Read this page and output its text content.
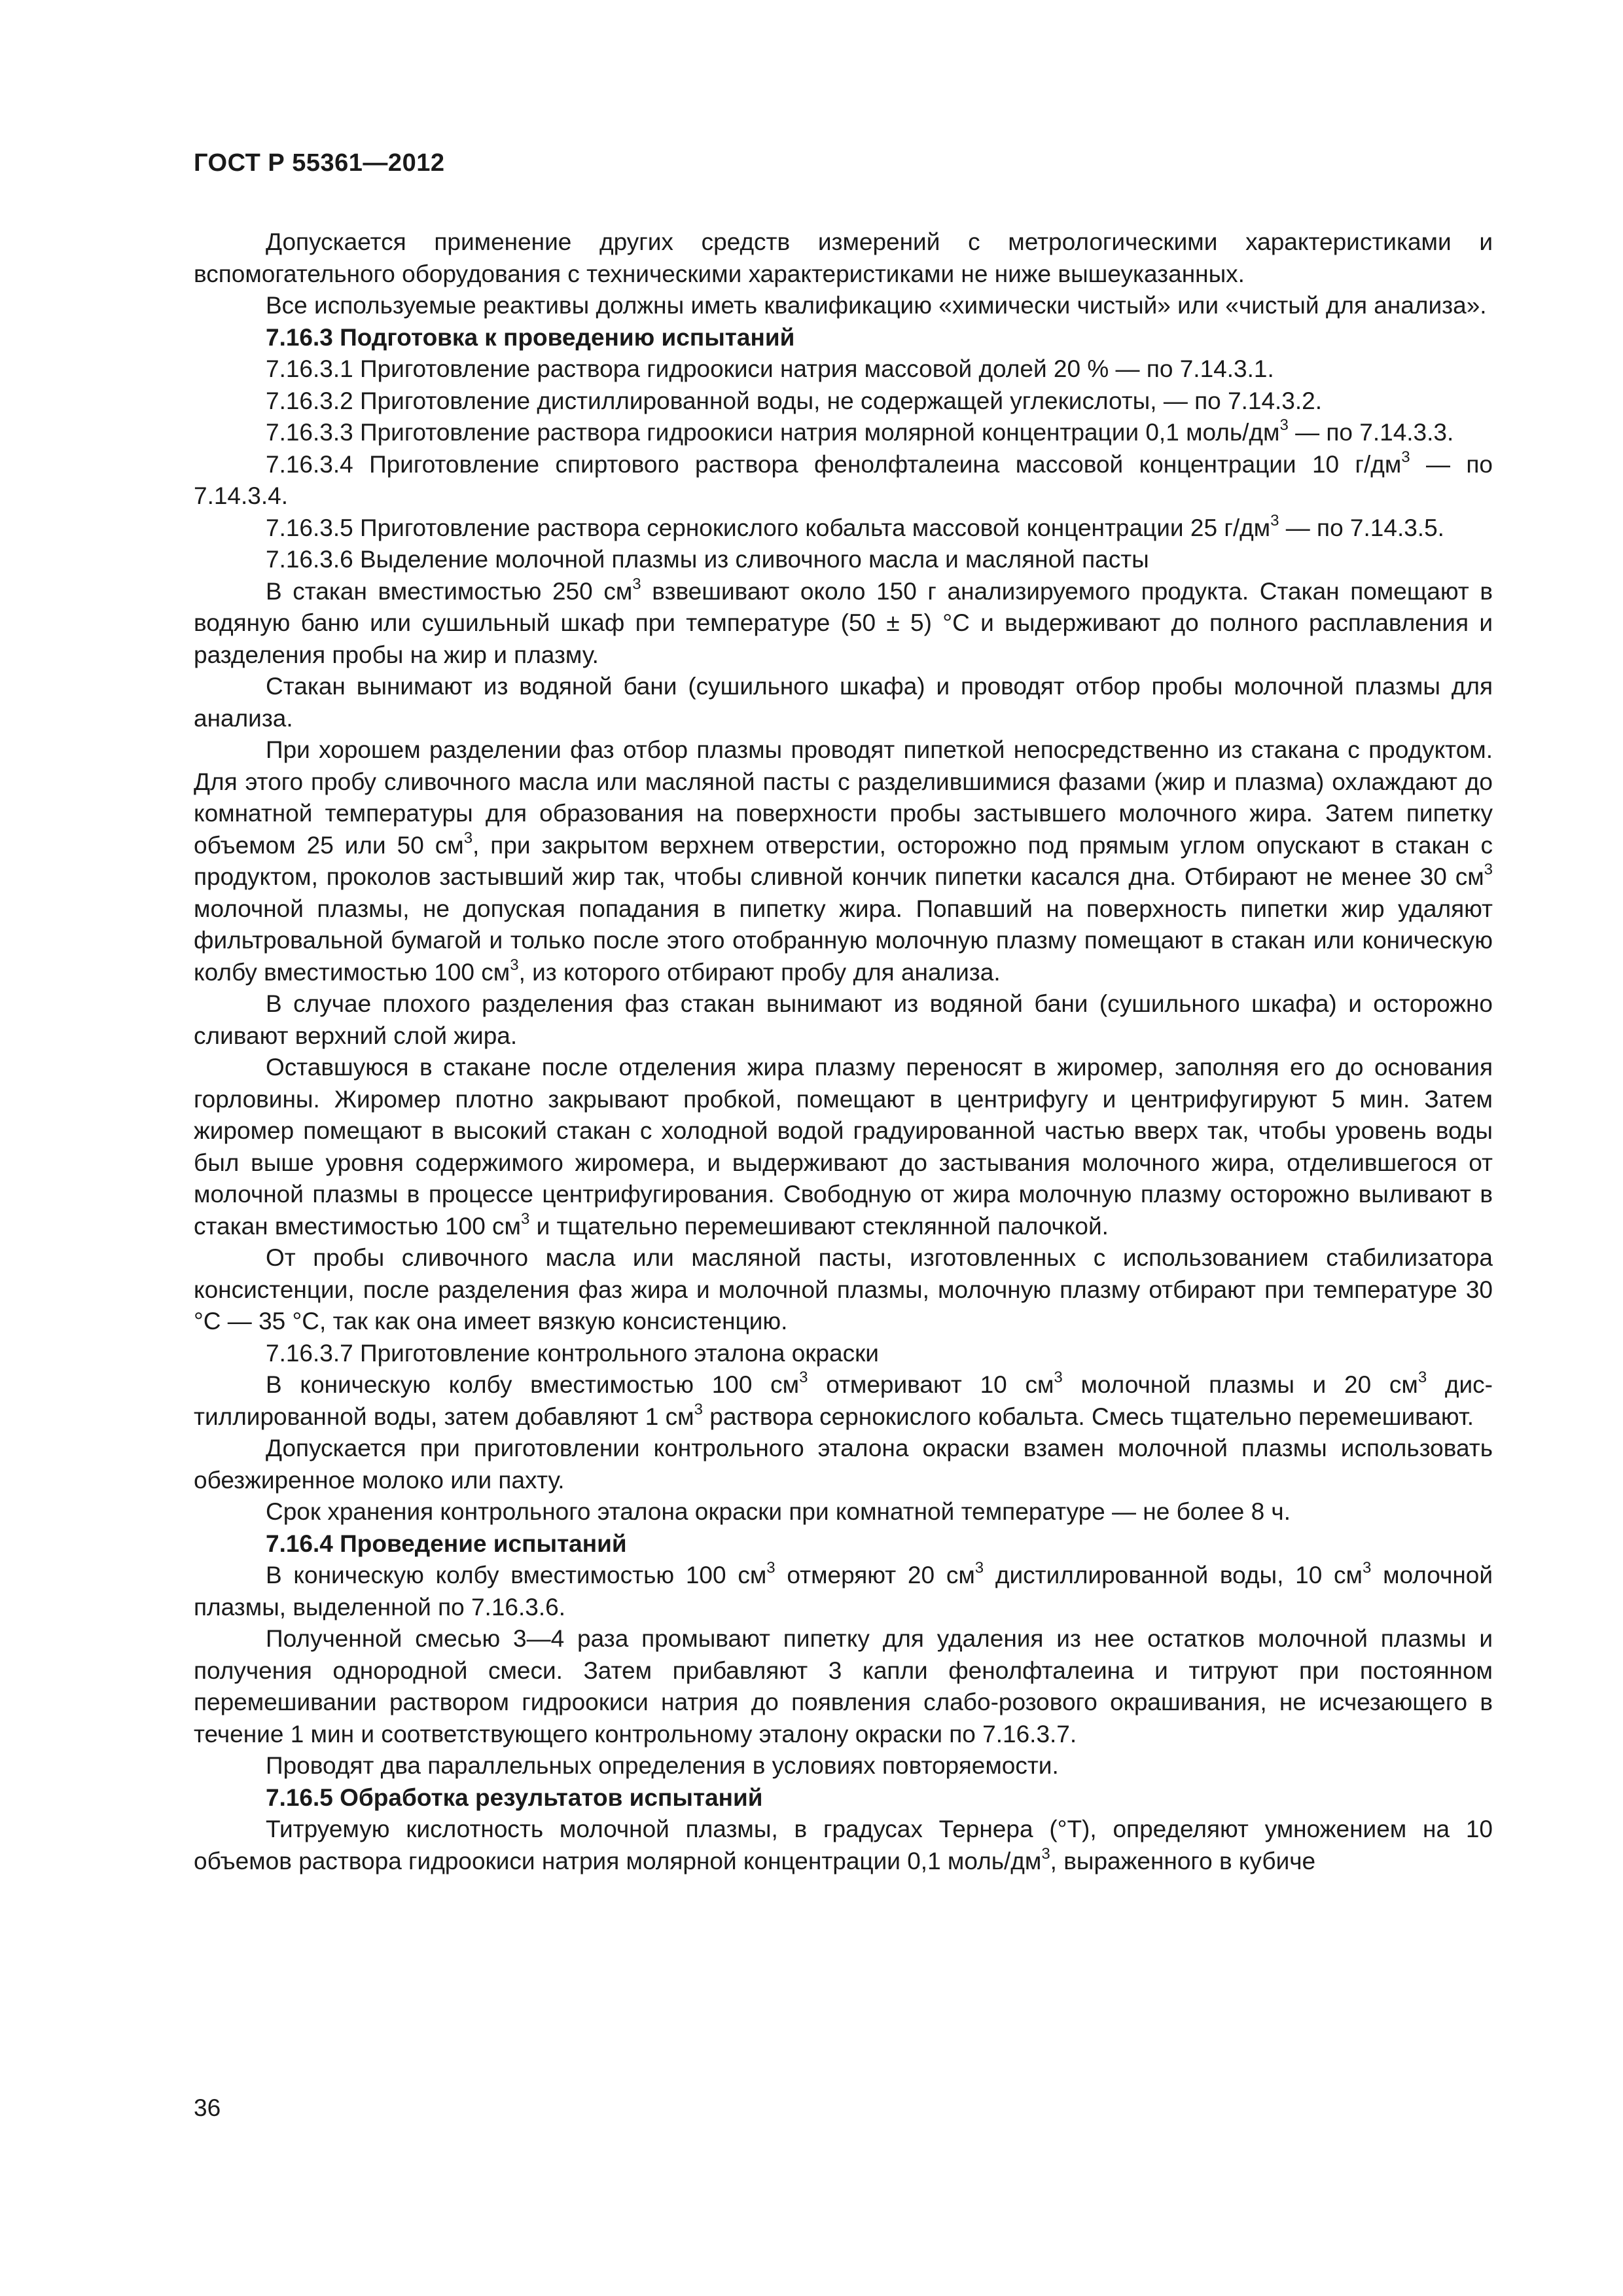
ГОСТ Р 55361—2012

Допускается применение других средств измерений с метрологическими характеристиками и вспомогательного оборудования с техническими характеристиками не ниже вышеуказанных.

Все используемые реактивы должны иметь квалификацию «химически чистый» или «чистый для анализа».

7.16.3 Подготовка к проведению испытаний

7.16.3.1 Приготовление раствора гидроокиси натрия массовой долей 20 % — по 7.14.3.1.

7.16.3.2 Приготовление дистиллированной воды, не содержащей углекислоты, — по 7.14.3.2.

7.16.3.3 Приготовление раствора гидроокиси натрия молярной концентрации 0,1 моль/$дм^3$ — по 7.14.3.3.

7.16.3.4 Приготовление спиртового раствора фенолфталеина массовой концентрации 10 $г/дм^3$ — по 7.14.3.4.

7.16.3.5 Приготовление раствора сернокислого кобальта массовой концентрации 25 $г/дм^3$ — по 7.14.3.5.

7.16.3.6 Выделение молочной плазмы из сливочного масла и масляной пасты

В стакан вместимостью 250 $см^3$ взвешивают около 150 г анализируемого продукта. Стакан помещают в водяную баню или сушильный шкаф при температуре (50 ± 5) °С и выдерживают до полного расплавления и разделения пробы на жир и плазму.

Стакан вынимают из водяной бани (сушильного шкафа) и проводят отбор пробы молочной плазмы для анализа.

При хорошем разделении фаз отбор плазмы проводят пипеткой непосредственно из стакана с продуктом. Для этого пробу сливочного масла или масляной пасты с разделившимися фазами (жир и плазма) охлаждают до комнатной температуры для образования на поверхности пробы застывшего молочного жира. Затем пипетку объемом 25 или 50 $см^3$, при закрытом верхнем отверстии, осторожно под прямым углом опускают в стакан с продуктом, проколов застывший жир так, чтобы сливной кончик пипетки касался дна. Отбирают не менее 30 $см^3$ молочной плазмы, не допуская попадания в пипетку жира. Попавший на поверхность пипетки жир удаляют фильтровальной бумагой и только после этого отобранную молочную плазму помещают в стакан или коническую колбу вместимостью 100 $см^3$, из которого отбирают пробу для анализа.

В случае плохого разделения фаз стакан вынимают из водяной бани (сушильного шкафа) и осторожно сливают верхний слой жира.

Оставшуюся в стакане после отделения жира плазму переносят в жиромер, заполняя его до основания горловины. Жиромер плотно закрывают пробкой, помещают в центрифугу и центрифугируют 5 мин. Затем жиромер помещают в высокий стакан с холодной водой градуированной частью вверх так, чтобы уровень воды был выше уровня содержимого жиромера, и выдерживают до застывания молочного жира, отделившегося от молочной плазмы в процессе центрифугирования. Свободную от жира молочную плазму осторожно выливают в стакан вместимостью 100 $см^3$ и тщательно перемешивают стеклянной палочкой.

От пробы сливочного масла или масляной пасты, изготовленных с использованием стабилизатора консистенции, после разделения фаз жира и молочной плазмы, молочную плазму отбирают при температуре 30 °С — 35 °С, так как она имеет вязкую консистенцию.

7.16.3.7 Приготовление контрольного эталона окраски

В коническую колбу вместимостью 100 $см^3$ отмеривают 10 $см^3$ молочной плазмы и 20 $см^3$ дистиллированной воды, затем добавляют 1 $см^3$ раствора сернокислого кобальта. Смесь тщательно перемешивают.

Допускается при приготовлении контрольного эталона окраски взамен молочной плазмы использовать обезжиренное молоко или пахту.

Срок хранения контрольного эталона окраски при комнатной температуре — не более 8 ч.

7.16.4 Проведение испытаний

В коническую колбу вместимостью 100 $см^3$ отмеряют 20 $см^3$ дистиллированной воды, 10 $см^3$ молочной плазмы, выделенной по 7.16.3.6.

Полученной смесью 3—4 раза промывают пипетку для удаления из нее остатков молочной плазмы и получения однородной смеси. Затем прибавляют 3 капли фенолфталеина и титруют при постоянном перемешивании раствором гидроокиси натрия до появления слабо-розового окрашивания, не исчезающего в течение 1 мин и соответствующего контрольному эталону окраски по 7.16.3.7.

Проводят два параллельных определения в условиях повторяемости.

7.16.5 Обработка результатов испытаний

Титруемую кислотность молочной плазмы, в градусах Тернера (°Т), определяют умножением на 10 объемов раствора гидроокиси натрия молярной концентрации 0,1 моль/$дм^3$, выраженного в кубиче

36
